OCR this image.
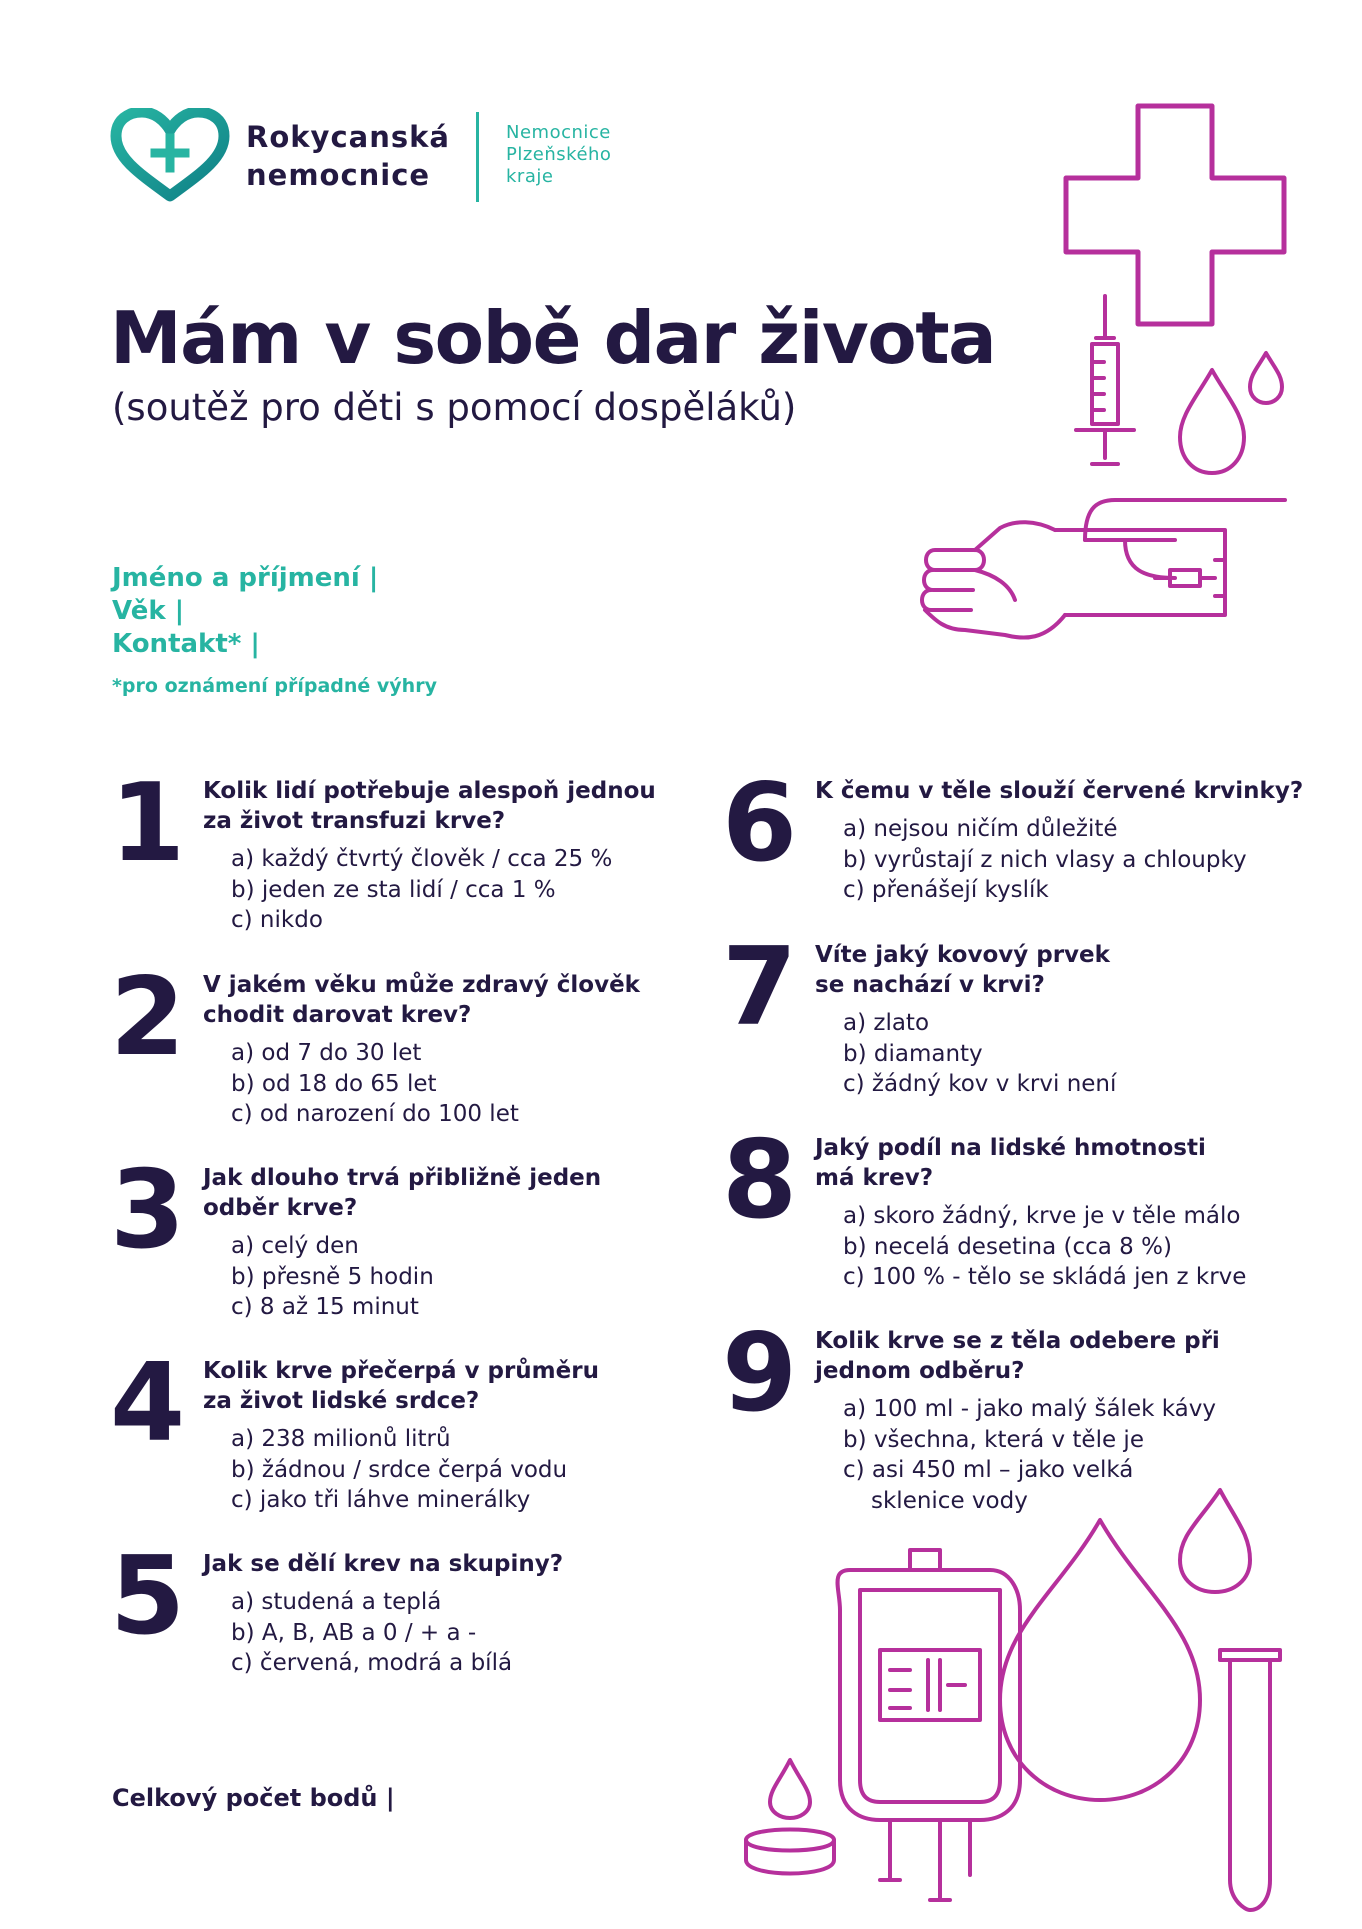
Rokycanská
nemocnice
Nemocnice
Plzeňského
kraje
Mám v sobě dar života
(soutěž pro děti s pomocí dospěláků)
Jméno a příjmení |
Věk |
Kontakt* |
*pro oznámení případné výhry
1 Kolik lidí potřebuje alespoň jednou
za život transfuzi krve?
a) každý čtvrtý člověk / cca 25 %
b) jeden ze sta lidí / cca 1 %
c) nikdo
2 V jakém věku může zdravý člověk
chodit darovat krev?
a) od 7 do 30 let
b) od 18 do 65 let
c) od narození do 100 let
3 Jak dlouho trvá přibližně jeden
odběr krve?
a) celý den
b) přesně 5 hodin
c) 8 až 15 minut
4 Kolik krve přečerpá v průměru
za život lidské srdce?
a) 238 milionů litrů
b) žádnou / srdce čerpá vodu
c) jako tři láhve minerálky
5 Jak se dělí krev na skupiny?
a) studená a teplá
b) A, B, AB a 0 / + a -
c) červená, modrá a bílá
6 K čemu v těle slouží červené krvinky?
a) nejsou ničím důležité
b) vyrůstají z nich vlasy a chloupky
c) přenášejí kyslík
7 Víte jaký kovový prvek
se nachází v krvi?
a) zlato
b) diamanty
c) žádný kov v krvi není
8 Jaký podíl na lidské hmotnosti
má krev?
a) skoro žádný, krve je v těle málo
b) necelá desetina (cca 8 %)
c) 100 % - tělo se skládá jen z krve
9 Kolik krve se z těla odebere při
jednom odběru?
a) 100 ml - jako malý šálek kávy
b) všechna, která v těle je
c) asi 450 ml – jako velká
sklenice vody
Celkový počet bodů |
